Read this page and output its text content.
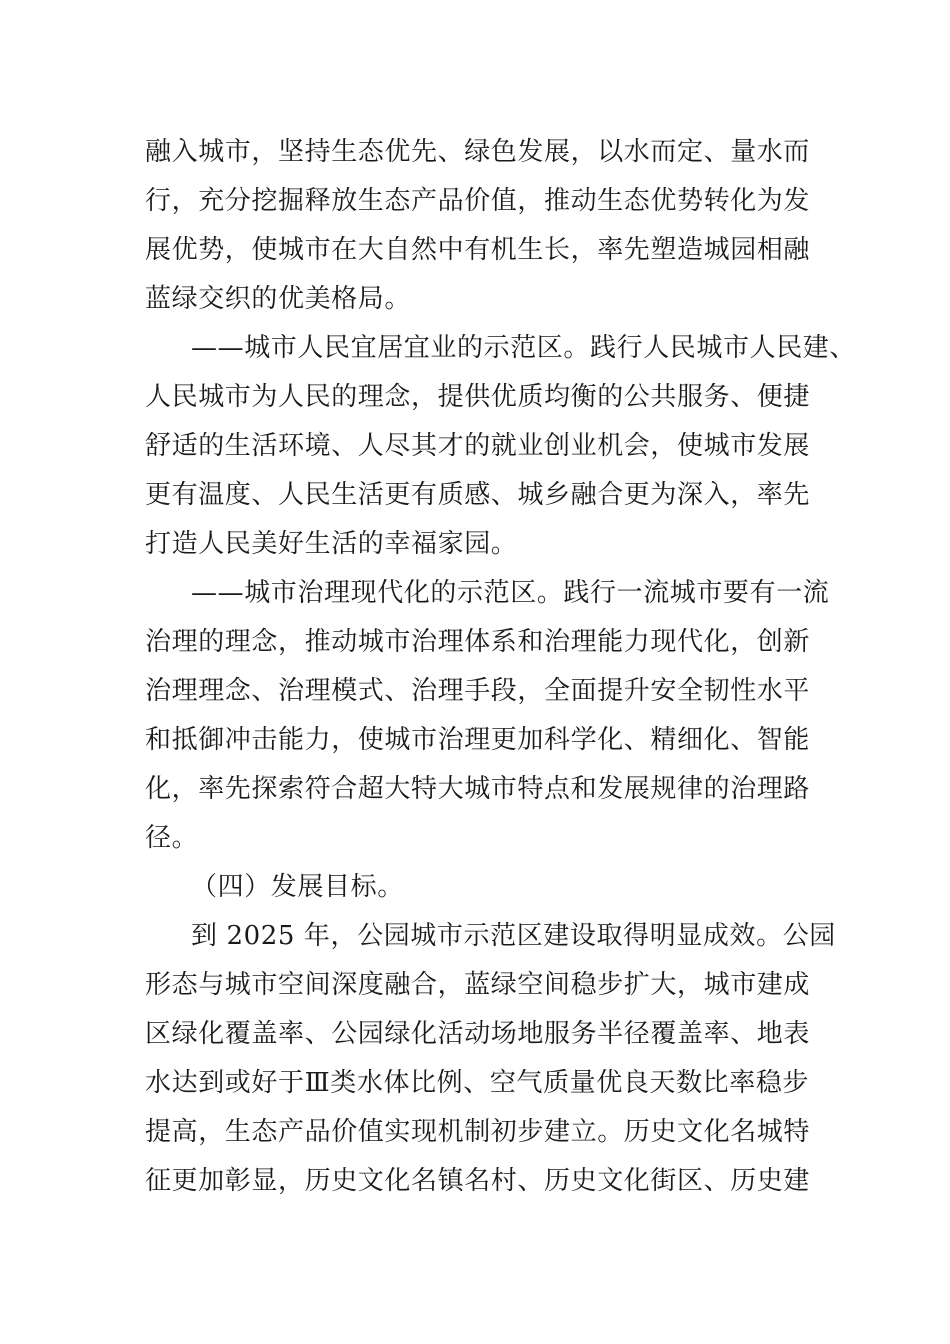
融入城市，坚持生态优先、绿色发展，以水而定、量水而
行，充分挖掘释放生态产品价值，推动生态优势转化为发
展优势，使城市在大自然中有机生长，率先塑造城园相融
蓝绿交织的优美格局。
——城市人民宜居宜业的示范区。践行人民城市人民建、
人民城市为人民的理念，提供优质均衡的公共服务、便捷
舒适的生活环境、人尽其才的就业创业机会，使城市发展
更有温度、人民生活更有质感、城乡融合更为深入，率先
打造人民美好生活的幸福家园。
——城市治理现代化的示范区。践行一流城市要有一流
治理的理念，推动城市治理体系和治理能力现代化，创新
治理理念、治理模式、治理手段，全面提升安全韧性水平
和抵御冲击能力，使城市治理更加科学化、精细化、智能
化，率先探索符合超大特大城市特点和发展规律的治理路
径。
（四）发展目标。
到 2025 年，公园城市示范区建设取得明显成效。公园
形态与城市空间深度融合，蓝绿空间稳步扩大，城市建成
区绿化覆盖率、公园绿化活动场地服务半径覆盖率、地表
水达到或好于Ⅲ类水体比例、空气质量优良天数比率稳步
提高，生态产品价值实现机制初步建立。历史文化名城特
征更加彰显，历史文化名镇名村、历史文化街区、历史建
